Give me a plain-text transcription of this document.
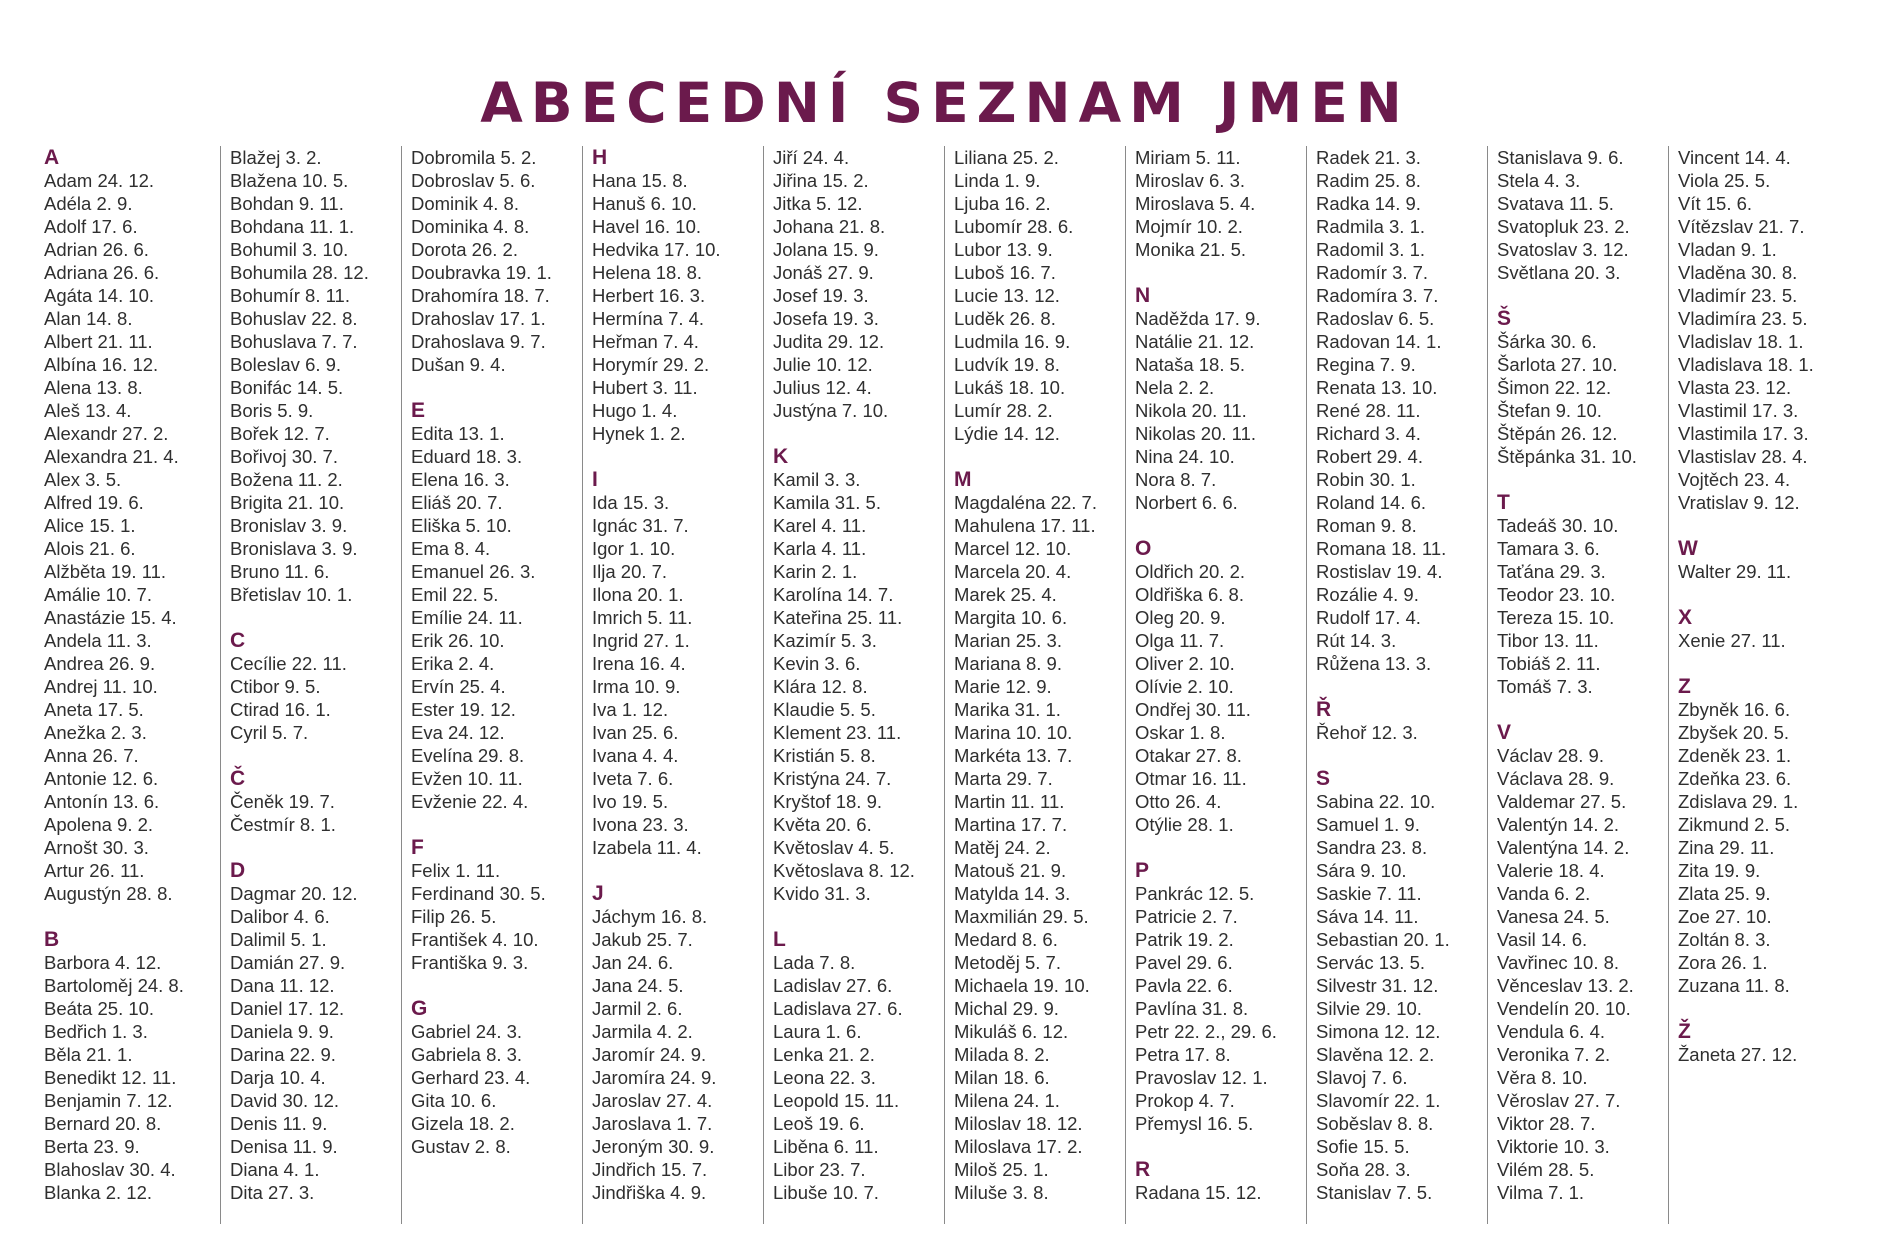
ABECEDNÍ SEZNAM JMEN
A
Adam 24. 12.
Adéla 2. 9.
Adolf 17. 6.
Adrian 26. 6.
Adriana 26. 6.
Agáta 14. 10.
Alan 14. 8.
Albert 21. 11.
Albína 16. 12.
Alena 13. 8.
Aleš 13. 4.
Alexandr 27. 2.
Alexandra 21. 4.
Alex 3. 5.
Alfred 19. 6.
Alice 15. 1.
Alois 21. 6.
Alžběta 19. 11.
Amálie 10. 7.
Anastázie 15. 4.
Andela 11. 3.
Andrea 26. 9.
Andrej 11. 10.
Aneta 17. 5.
Anežka 2. 3.
Anna 26. 7.
Antonie 12. 6.
Antonín 13. 6.
Apolena 9. 2.
Arnošt 30. 3.
Artur 26. 11.
Augustýn 28. 8.
B
Barbora 4. 12.
Bartoloměj 24. 8.
Beáta 25. 10.
Bedřich 1. 3.
Běla 21. 1.
Benedikt 12. 11.
Benjamin 7. 12.
Bernard 20. 8.
Berta 23. 9.
Blahoslav 30. 4.
Blanka 2. 12.
Blažej 3. 2.
Blažena 10. 5.
Bohdan 9. 11.
Bohdana 11. 1.
Bohumil 3. 10.
Bohumila 28. 12.
Bohumír 8. 11.
Bohuslav 22. 8.
Bohuslava 7. 7.
Boleslav 6. 9.
Bonifác 14. 5.
Boris 5. 9.
Bořek 12. 7.
Bořivoj 30. 7.
Božena 11. 2.
Brigita 21. 10.
Bronislav 3. 9.
Bronislava 3. 9.
Bruno 11. 6.
Břetislav 10. 1.
C
Cecílie 22. 11.
Ctibor 9. 5.
Ctirad 16. 1.
Cyril 5. 7.
Č
Čeněk 19. 7.
Čestmír 8. 1.
D
Dagmar 20. 12.
Dalibor 4. 6.
Dalimil 5. 1.
Damián 27. 9.
Dana 11. 12.
Daniel 17. 12.
Daniela 9. 9.
Darina 22. 9.
Darja 10. 4.
David 30. 12.
Denis 11. 9.
Denisa 11. 9.
Diana 4. 1.
Dita 27. 3.
Dobromila 5. 2.
Dobroslav 5. 6.
Dominik 4. 8.
Dominika 4. 8.
Dorota 26. 2.
Doubravka 19. 1.
Drahomíra 18. 7.
Drahoslav 17. 1.
Drahoslava 9. 7.
Dušan 9. 4.
E
Edita 13. 1.
Eduard 18. 3.
Elena 16. 3.
Eliáš 20. 7.
Eliška 5. 10.
Ema 8. 4.
Emanuel 26. 3.
Emil 22. 5.
Emílie 24. 11.
Erik 26. 10.
Erika 2. 4.
Ervín 25. 4.
Ester 19. 12.
Eva 24. 12.
Evelína 29. 8.
Evžen 10. 11.
Evženie 22. 4.
F
Felix 1. 11.
Ferdinand 30. 5.
Filip 26. 5.
František 4. 10.
Františka 9. 3.
G
Gabriel 24. 3.
Gabriela 8. 3.
Gerhard 23. 4.
Gita 10. 6.
Gizela 18. 2.
Gustav 2. 8.
H
Hana 15. 8.
Hanuš 6. 10.
Havel 16. 10.
Hedvika 17. 10.
Helena 18. 8.
Herbert 16. 3.
Hermína 7. 4.
Heřman 7. 4.
Horymír 29. 2.
Hubert 3. 11.
Hugo 1. 4.
Hynek 1. 2.
I
Ida 15. 3.
Ignác 31. 7.
Igor 1. 10.
Ilja 20. 7.
Ilona 20. 1.
Imrich 5. 11.
Ingrid 27. 1.
Irena 16. 4.
Irma 10. 9.
Iva 1. 12.
Ivan 25. 6.
Ivana 4. 4.
Iveta 7. 6.
Ivo 19. 5.
Ivona 23. 3.
Izabela 11. 4.
J
Jáchym 16. 8.
Jakub 25. 7.
Jan 24. 6.
Jana 24. 5.
Jarmil 2. 6.
Jarmila 4. 2.
Jaromír 24. 9.
Jaromíra 24. 9.
Jaroslav 27. 4.
Jaroslava 1. 7.
Jeroným 30. 9.
Jindřich 15. 7.
Jindřiška 4. 9.
Jiří 24. 4.
Jiřina 15. 2.
Jitka 5. 12.
Johana 21. 8.
Jolana 15. 9.
Jonáš 27. 9.
Josef 19. 3.
Josefa 19. 3.
Judita 29. 12.
Julie 10. 12.
Julius 12. 4.
Justýna 7. 10.
K
Kamil 3. 3.
Kamila 31. 5.
Karel 4. 11.
Karla 4. 11.
Karin 2. 1.
Karolína 14. 7.
Kateřina 25. 11.
Kazimír 5. 3.
Kevin 3. 6.
Klára 12. 8.
Klaudie 5. 5.
Klement 23. 11.
Kristián 5. 8.
Kristýna 24. 7.
Kryštof 18. 9.
Květa 20. 6.
Květoslav 4. 5.
Květoslava 8. 12.
Kvido 31. 3.
L
Lada 7. 8.
Ladislav 27. 6.
Ladislava 27. 6.
Laura 1. 6.
Lenka 21. 2.
Leona 22. 3.
Leopold 15. 11.
Leoš 19. 6.
Liběna 6. 11.
Libor 23. 7.
Libuše 10. 7.
Liliana 25. 2.
Linda 1. 9.
Ljuba 16. 2.
Lubomír 28. 6.
Lubor 13. 9.
Luboš 16. 7.
Lucie 13. 12.
Luděk 26. 8.
Ludmila 16. 9.
Ludvík 19. 8.
Lukáš 18. 10.
Lumír 28. 2.
Lýdie 14. 12.
M
Magdaléna 22. 7.
Mahulena 17. 11.
Marcel 12. 10.
Marcela 20. 4.
Marek 25. 4.
Margita 10. 6.
Marian 25. 3.
Mariana 8. 9.
Marie 12. 9.
Marika 31. 1.
Marina 10. 10.
Markéta 13. 7.
Marta 29. 7.
Martin 11. 11.
Martina 17. 7.
Matěj 24. 2.
Matouš 21. 9.
Matylda 14. 3.
Maxmilián 29. 5.
Medard 8. 6.
Metoděj 5. 7.
Michaela 19. 10.
Michal 29. 9.
Mikuláš 6. 12.
Milada 8. 2.
Milan 18. 6.
Milena 24. 1.
Miloslav 18. 12.
Miloslava 17. 2.
Miloš 25. 1.
Miluše 3. 8.
Miriam 5. 11.
Miroslav 6. 3.
Miroslava 5. 4.
Mojmír 10. 2.
Monika 21. 5.
N
Naděžda 17. 9.
Natálie 21. 12.
Nataša 18. 5.
Nela 2. 2.
Nikola 20. 11.
Nikolas 20. 11.
Nina 24. 10.
Nora 8. 7.
Norbert 6. 6.
O
Oldřich 20. 2.
Oldřiška 6. 8.
Oleg 20. 9.
Olga 11. 7.
Oliver 2. 10.
Olívie 2. 10.
Ondřej 30. 11.
Oskar 1. 8.
Otakar 27. 8.
Otmar 16. 11.
Otto 26. 4.
Otýlie 28. 1.
P
Pankrác 12. 5.
Patricie 2. 7.
Patrik 19. 2.
Pavel 29. 6.
Pavla 22. 6.
Pavlína 31. 8.
Petr 22. 2., 29. 6.
Petra 17. 8.
Pravoslav 12. 1.
Prokop 4. 7.
Přemysl 16. 5.
R
Radana 15. 12.
Radek 21. 3.
Radim 25. 8.
Radka 14. 9.
Radmila 3. 1.
Radomil 3. 1.
Radomír 3. 7.
Radomíra 3. 7.
Radoslav 6. 5.
Radovan 14. 1.
Regina 7. 9.
Renata 13. 10.
René 28. 11.
Richard 3. 4.
Robert 29. 4.
Robin 30. 1.
Roland 14. 6.
Roman 9. 8.
Romana 18. 11.
Rostislav 19. 4.
Rozálie 4. 9.
Rudolf 17. 4.
Rút 14. 3.
Růžena 13. 3.
Ř
Řehoř 12. 3.
S
Sabina 22. 10.
Samuel 1. 9.
Sandra 23. 8.
Sára 9. 10.
Saskie 7. 11.
Sáva 14. 11.
Sebastian 20. 1.
Servác 13. 5.
Silvestr 31. 12.
Silvie 29. 10.
Simona 12. 12.
Slavěna 12. 2.
Slavoj 7. 6.
Slavomír 22. 1.
Soběslav 8. 8.
Sofie 15. 5.
Soňa 28. 3.
Stanislav 7. 5.
Stanislava 9. 6.
Stela 4. 3.
Svatava 11. 5.
Svatopluk 23. 2.
Svatoslav 3. 12.
Světlana 20. 3.
Š
Šárka 30. 6.
Šarlota 27. 10.
Šimon 22. 12.
Štefan 9. 10.
Štěpán 26. 12.
Štěpánka 31. 10.
T
Tadeáš 30. 10.
Tamara 3. 6.
Taťána 29. 3.
Teodor 23. 10.
Tereza 15. 10.
Tibor 13. 11.
Tobiáš 2. 11.
Tomáš 7. 3.
V
Václav 28. 9.
Václava 28. 9.
Valdemar 27. 5.
Valentýn 14. 2.
Valentýna 14. 2.
Valerie 18. 4.
Vanda 6. 2.
Vanesa 24. 5.
Vasil 14. 6.
Vavřinec 10. 8.
Věnceslav 13. 2.
Vendelín 20. 10.
Vendula 6. 4.
Veronika 7. 2.
Věra 8. 10.
Věroslav 27. 7.
Viktor 28. 7.
Viktorie 10. 3.
Vilém 28. 5.
Vilma 7. 1.
Vincent 14. 4.
Viola 25. 5.
Vít 15. 6.
Vítězslav 21. 7.
Vladan 9. 1.
Vladěna 30. 8.
Vladimír 23. 5.
Vladimíra 23. 5.
Vladislav 18. 1.
Vladislava 18. 1.
Vlasta 23. 12.
Vlastimil 17. 3.
Vlastimila 17. 3.
Vlastislav 28. 4.
Vojtěch 23. 4.
Vratislav 9. 12.
W
Walter 29. 11.
X
Xenie 27. 11.
Z
Zbyněk 16. 6.
Zbyšek 20. 5.
Zdeněk 23. 1.
Zdeňka 23. 6.
Zdislava 29. 1.
Zikmund 2. 5.
Zina 29. 11.
Zita 19. 9.
Zlata 25. 9.
Zoe 27. 10.
Zoltán 8. 3.
Zora 26. 1.
Zuzana 11. 8.
Ž
Žaneta 27. 12.
